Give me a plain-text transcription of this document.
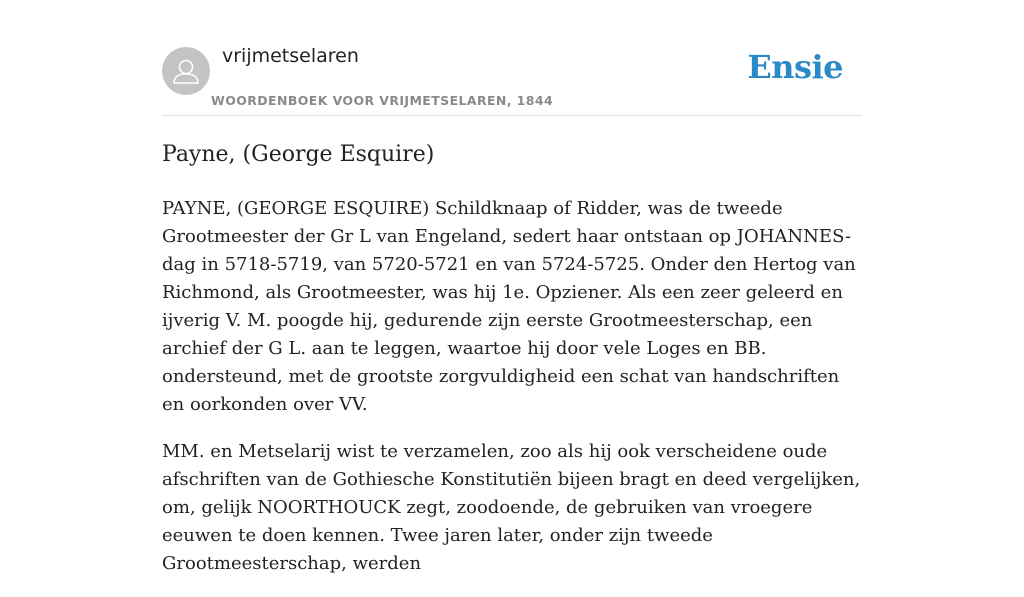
vrijmetselaren
WOORDENBOEK VOOR VRIJMETSELAREN, 1844
Ensie
Payne, (George Esquire)

PAYNE, (GEORGE ESQUIRE) Schildknaap of Ridder, was de tweede Grootmeester der Gr L van Engeland, sedert haar ontstaan op JOHANNES-dag in 5718-5719, van 5720-5721 en van 5724-5725. Onder den Hertog van Richmond, als Grootmeester, was hij 1e. Opziener. Als een zeer geleerd en ijverig V. M. poogde hij, gedurende zijn eerste Grootmeesterschap, een archief der G L. aan te leggen, waartoe hij door vele Loges en BB. ondersteund, met de grootste zorgvuldigheid een schat van handschriften en oorkonden over VV.

MM. en Metselarij wist te verzamelen, zoo als hij ook verscheidene oude afschriften van de Gothiesche Konstitutiën bijeen bragt en deed vergelijken, om, gelijk NOORTHOUCK zegt, zoodoende, de gebruiken van vroegere eeuwen te doen kennen. Twee jaren later, onder zijn tweede Grootmeesterschap, werden
